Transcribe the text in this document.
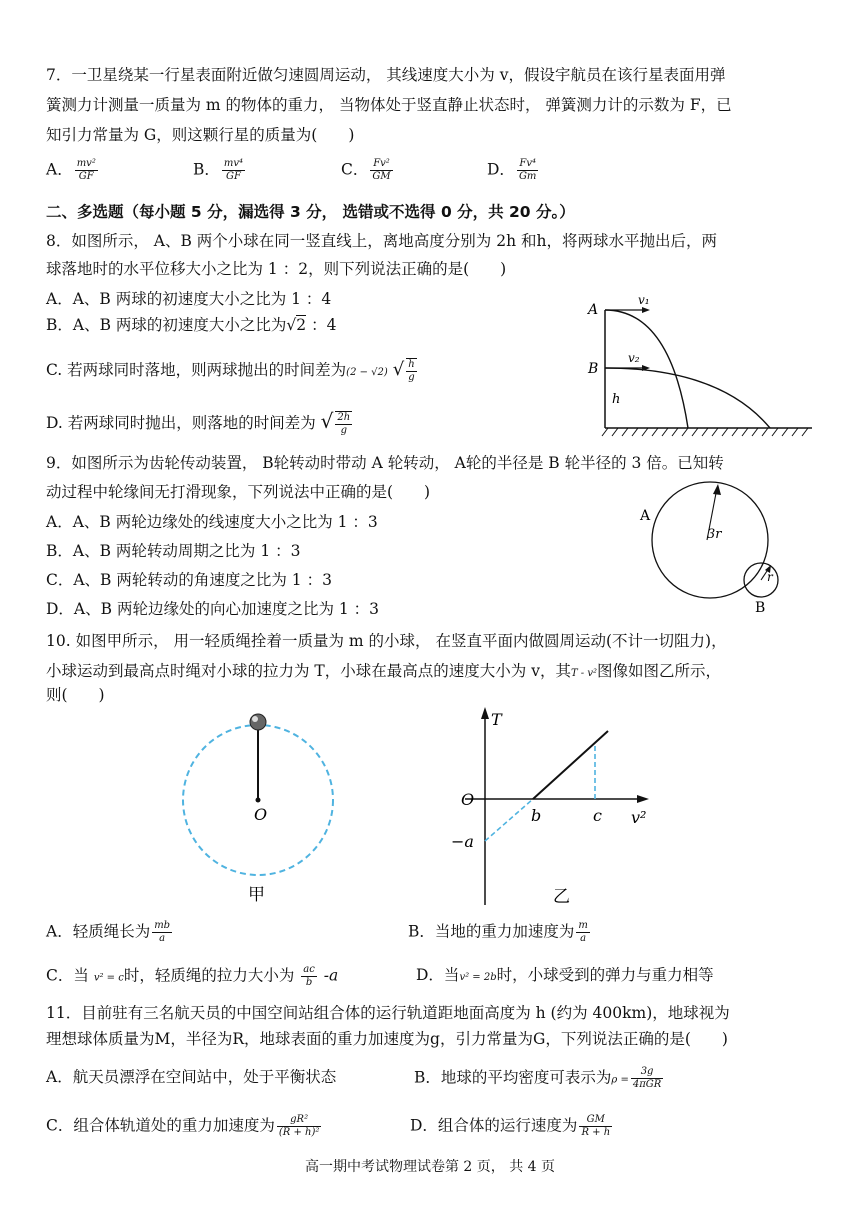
7．一卫星绕某一行星表面附近做匀速圆周运动， 其线速度大小为 v，假设宇航员在该行星表面用弹
簧测力计测量一质量为 m 的物体的重力， 当物体处于竖直静止状态时， 弹簧测力计的示数为 F，已
知引力常量为 G，则这颗行星的质量为(　　)
A． $\frac{\text{mv²}}{GF}$	B． $\frac{\text{mv⁴}}{GF}$	C． $\frac{\text{Fv²}}{GM}$	D． $\frac{\text{Fv⁴}}{Gm}$
二、多选题（每小题 5 分，漏选得 3 分， 选错或不选得 0 分，共 20 分。）
8．如图所示， A、B 两个小球在同一竖直线上，离地高度分别为 2h 和h，将两球水平抛出后，两
球落地时的水平位移大小之比为 1 ：2，则下列说法正确的是(　　)
A．A、B 两球的初速度大小之比为 1 ：4
B．A、B 两球的初速度大小之比为√2 ：4
C. 若两球同时落地，则两球抛出的时间差为(2 − √2) √ $\frac{h}{g}$
D. 若两球同时抛出，则落地的时间差为 √ $\frac{2h}{g}$
A
B
v₁
v₂
h
9．如图所示为齿轮传动装置， B轮转动时带动 A 轮转动， A轮的半径是 B 轮半径的 3 倍。已知转
动过程中轮缘间无打滑现象，下列说法中正确的是(　　)
A．A、B 两轮边缘处的线速度大小之比为 1 ：3
B．A、B 两轮转动周期之比为 1 ：3
C．A、B 两轮转动的角速度之比为 1 ：3
D．A、B 两轮边缘处的向心加速度之比为 1 ：3
A
B
3r
r
10. 如图甲所示， 用一轻质绳拴着一质量为 m 的小球， 在竖直平面内做圆周运动(不计一切阻力)，
小球运动到最高点时绳对小球的拉力为 T，小球在最高点的速度大小为 v，其T - v²图像如图乙所示，
则(　　)
O
甲
T
O
b	c v²
−a
乙
A．轻质绳长为 $\frac{mb}{a}$	B．当地的重力加速度为 $\frac{m}{a}$
C．当 v² = c时，轻质绳的拉力大小为 $\frac{ac}{b} -a$	D．当v² = 2b时，小球受到的弹力与重力相等
11．目前驻有三名航天员的中国空间站组合体的运行轨道距地面高度为 h (约为 400km)，地球视为
理想球体质量为M，半径为R，地球表面的重力加速度为g，引力常量为G，下列说法正确的是(　　)
A．航天员漂浮在空间站中，处于平衡状态	B．地球的平均密度可表示为$\rho = \frac{3g}{\text{4πGR}}$
C．组合体轨道处的重力加速度为 $\frac{\text{gR²}}{\text{(R + h)²}}$	D．组合体的运行速度为 $\frac{GM}{R + h}$
高一期中考试物理试卷第 2 页， 共 4 页
